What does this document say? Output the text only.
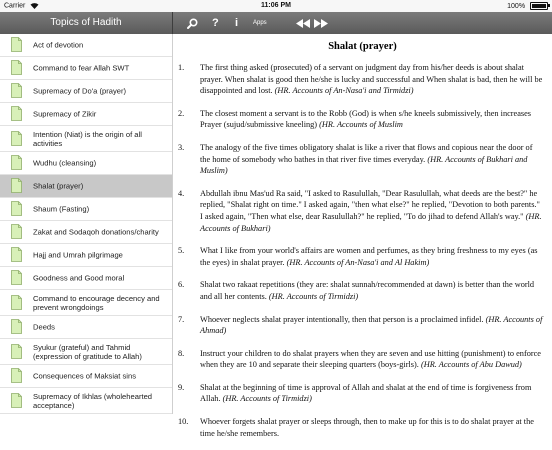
Carrier	11:06 PM	100%
Topics of Hadith	? i Apps
Act of devotion
Command to fear Allah SWT
Supremacy of Do'a (prayer)
Supremacy of Zikir
Intention (Niat) is the origin of all activities
Wudhu (cleansing)
Shalat (prayer)
Shaum (Fasting)
Zakat and Sodaqoh donations/charity
Hajj and Umrah pilgrimage
Goodness and Good moral
Command to encourage decency and prevent wrongdoings
Deeds
Syukur (grateful) and Tahmid (expression of gratitude to Allah)
Consequences of Maksiat sins
Supremacy of Ikhlas (wholehearted acceptance)
Shalat (prayer)
1. The first thing asked (prosecuted) of a servant on judgment day from his/her deeds is about shalat prayer. When shalat is good then he/she is lucky and successful and When shalat is bad, then he will be disappointed and lost. (HR. Accounts of An-Nasa'i and Tirmidzi)
2. The closest moment a servant is to the Robb (God) is when s/he kneels submissively, then increases Prayer (sujud/submissive kneeling) (HR. Accounts of Muslim
3. The analogy of the five times obligatory shalat is like a river that flows and copious near the door of the home of somebody who bathes in that river five times everyday. (HR. Accounts of Bukhari and Muslim)
4. Abdullah ibnu Mas'ud Ra said, "I asked to Rasulullah, "Dear Rasulullah, what deeds are the best?" he replied, "Shalat right on time." I asked again, "then what else?" he replied, "Devotion to both parents." I asked again, "Then what else, dear Rasulullah?" he replied, "To do jihad to defend Allah's way." (HR. Accounts of Bukhari)
5. What I like from your world's affairs are women and perfumes, as they bring freshness to my eyes (as the eyes) in shalat prayer. (HR. Accounts of An-Nasa'i and Al Hakim)
6. Shalat two rakaat repetitions (they are: shalat sunnah/recommended at dawn) is better than the world and all her contents. (HR. Accounts of Tirmidzi)
7. Whoever neglects shalat prayer intentionally, then that person is a proclaimed infidel. (HR. Accounts of Ahmad)
8. Instruct your children to do shalat prayers when they are seven and use hitting (punishment) to enforce when they are 10 and separate their sleeping quarters (boys-girls). (HR. Accounts of Abu Dawud)
9. Shalat at the beginning of time is approval of Allah and shalat at the end of time is forgiveness from Allah. (HR. Accounts of Tirmidzi)
10. Whoever forgets shalat prayer or sleeps through, then to make up for this is to do shalat prayer at the time he/she remembers.
